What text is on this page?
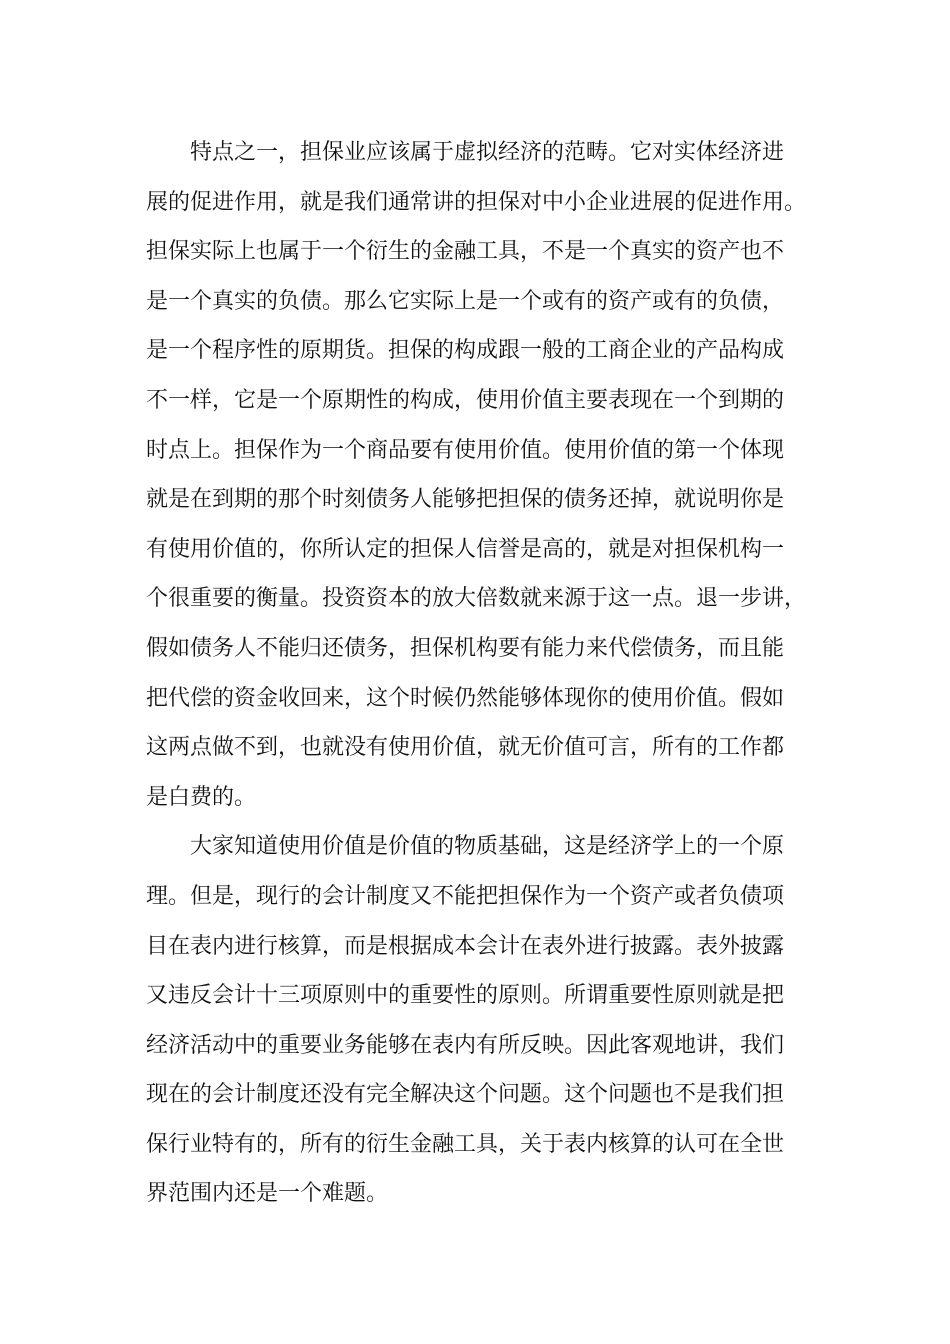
特点之一，担保业应该属于虚拟经济的范畴。它对实体经济进
展的促进作用，就是我们通常讲的担保对中小企业进展的促进作用。
担保实际上也属于一个衍生的金融工具，不是一个真实的资产也不
是一个真实的负债。那么它实际上是一个或有的资产或有的负债，
是一个程序性的原期货。担保的构成跟一般的工商企业的产品构成
不一样，它是一个原期性的构成，使用价值主要表现在一个到期的
时点上。担保作为一个商品要有使用价值。使用价值的第一个体现
就是在到期的那个时刻债务人能够把担保的债务还掉，就说明你是
有使用价值的，你所认定的担保人信誉是高的，就是对担保机构一
个很重要的衡量。投资资本的放大倍数就来源于这一点。退一步讲，
假如债务人不能归还债务，担保机构要有能力来代偿债务，而且能
把代偿的资金收回来，这个时候仍然能够体现你的使用价值。假如
这两点做不到，也就没有使用价值，就无价值可言，所有的工作都
是白费的。
大家知道使用价值是价值的物质基础，这是经济学上的一个原
理。但是，现行的会计制度又不能把担保作为一个资产或者负债项
目在表内进行核算，而是根据成本会计在表外进行披露。表外披露
又违反会计十三项原则中的重要性的原则。所谓重要性原则就是把
经济活动中的重要业务能够在表内有所反映。因此客观地讲，我们
现在的会计制度还没有完全解决这个问题。这个问题也不是我们担
保行业特有的，所有的衍生金融工具，关于表内核算的认可在全世
界范围内还是一个难题。
